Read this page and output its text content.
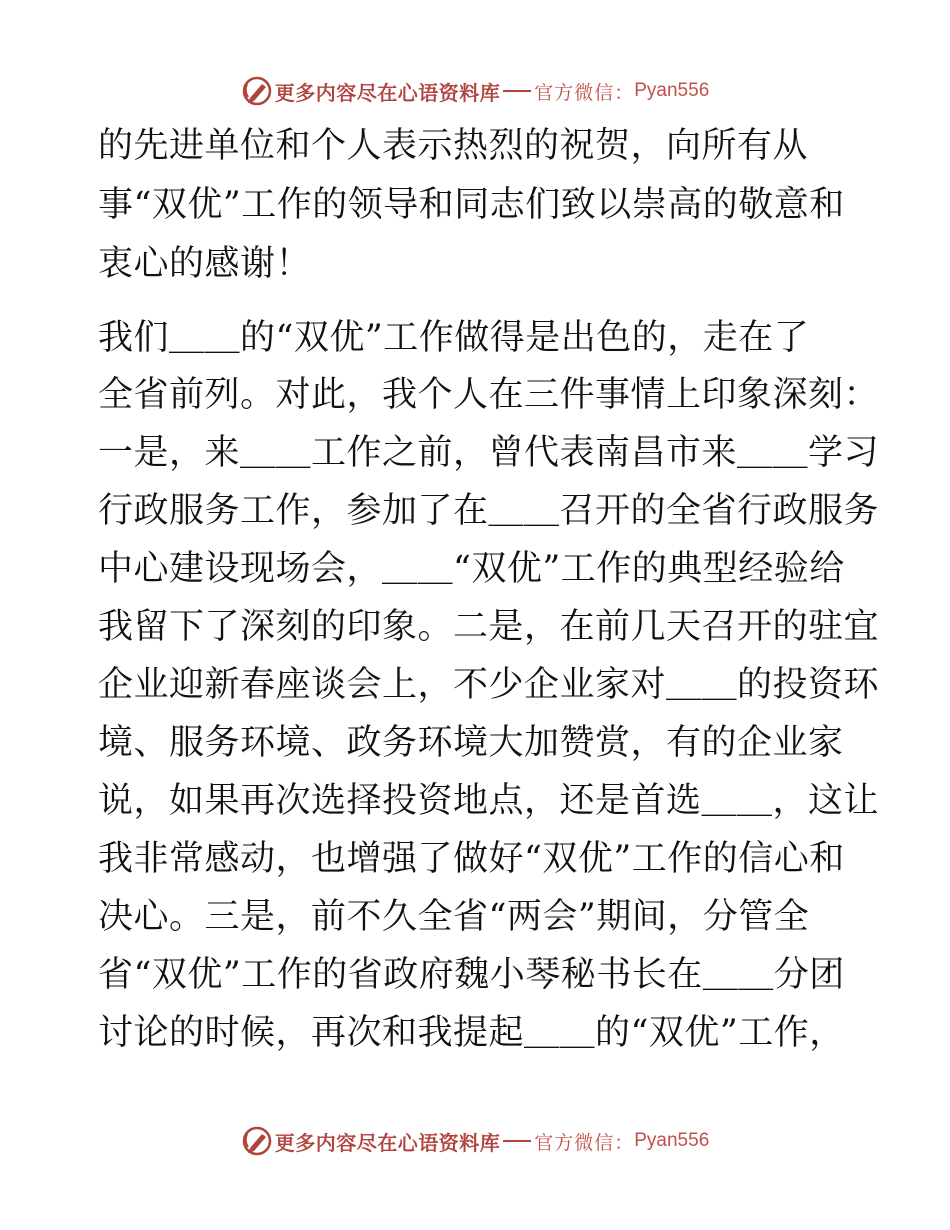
更多内容尽在心语资料库 官方微信： Pyan556
的先进单位和个人表示热烈的祝贺，向所有从
事“双优”工作的领导和同志们致以崇高的敬意和
衷心的感谢！
我们＿＿的“双优”工作做得是出色的，走在了
全省前列。对此，我个人在三件事情上印象深刻：
一是，来＿＿工作之前，曾代表南昌市来＿＿学习
行政服务工作，参加了在＿＿召开的全省行政服务
中心建设现场会，＿＿“双优”工作的典型经验给
我留下了深刻的印象。二是，在前几天召开的驻宜
企业迎新春座谈会上，不少企业家对＿＿的投资环
境、服务环境、政务环境大加赞赏，有的企业家
说，如果再次选择投资地点，还是首选＿＿，这让
我非常感动，也增强了做好“双优”工作的信心和
决心。三是，前不久全省“两会”期间，分管全
省“双优”工作的省政府魏小琴秘书长在＿＿分团
讨论的时候，再次和我提起＿＿的“双优”工作，
更多内容尽在心语资料库 官方微信： Pyan556
